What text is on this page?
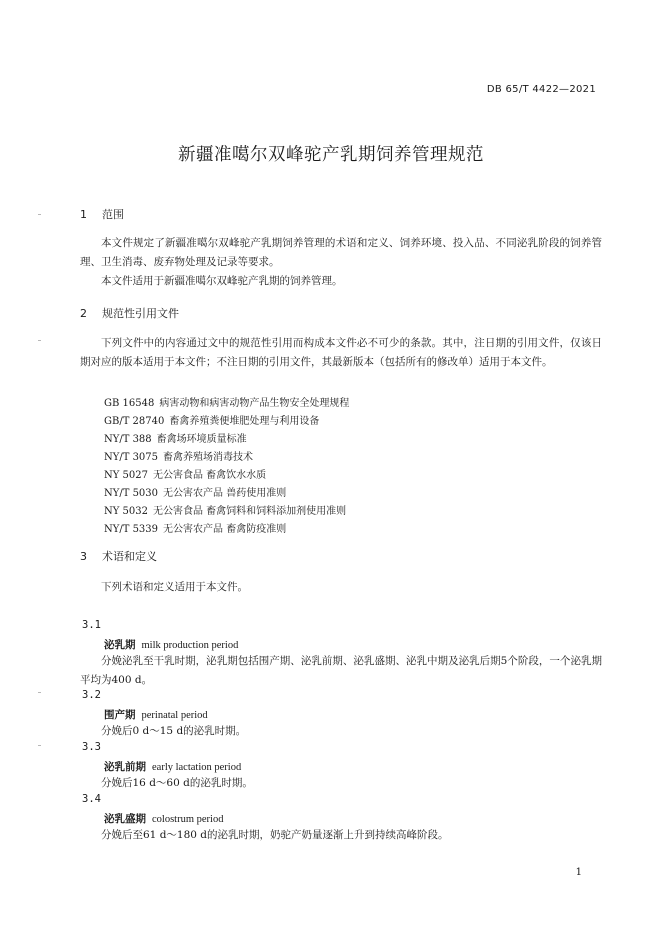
DB 65/T 4422—2021
新疆准噶尔双峰驼产乳期饲养管理规范
1 范围
本文件规定了新疆准噶尔双峰驼产乳期饲养管理的术语和定义、饲养环境、投入品、不同泌乳阶段的饲养管理、卫生消毒、废弃物处理及记录等要求。
本文件适用于新疆准噶尔双峰驼产乳期的饲养管理。
2 规范性引用文件
下列文件中的内容通过文中的规范性引用而构成本文件必不可少的条款。其中，注日期的引用文件，仅该日期对应的版本适用于本文件；不注日期的引用文件，其最新版本（包括所有的修改单）适用于本文件。
GB 16548 病害动物和病害动物产品生物安全处理规程
GB/T 28740 畜禽养殖粪便堆肥处理与利用设备
NY/T 388 畜禽场环境质量标准
NY/T 3075 畜禽养殖场消毒技术
NY 5027 无公害食品 畜禽饮水水质
NY/T 5030 无公害农产品 兽药使用准则
NY 5032 无公害食品 畜禽饲料和饲料添加剂使用准则
NY/T 5339 无公害农产品 畜禽防疫准则
3 术语和定义
下列术语和定义适用于本文件。
3.1
泌乳期 milk production period
分娩泌乳至干乳时期，泌乳期包括围产期、泌乳前期、泌乳盛期、泌乳中期及泌乳后期5个阶段，一个泌乳期平均为400 d。
3.2
围产期 perinatal period
分娩后0 d～15 d的泌乳时期。
3.3
泌乳前期 early lactation period
分娩后16 d～60 d的泌乳时期。
3.4
泌乳盛期 colostrum period
分娩后至61 d～180 d的泌乳时期，奶驼产奶量逐渐上升到持续高峰阶段。
1
